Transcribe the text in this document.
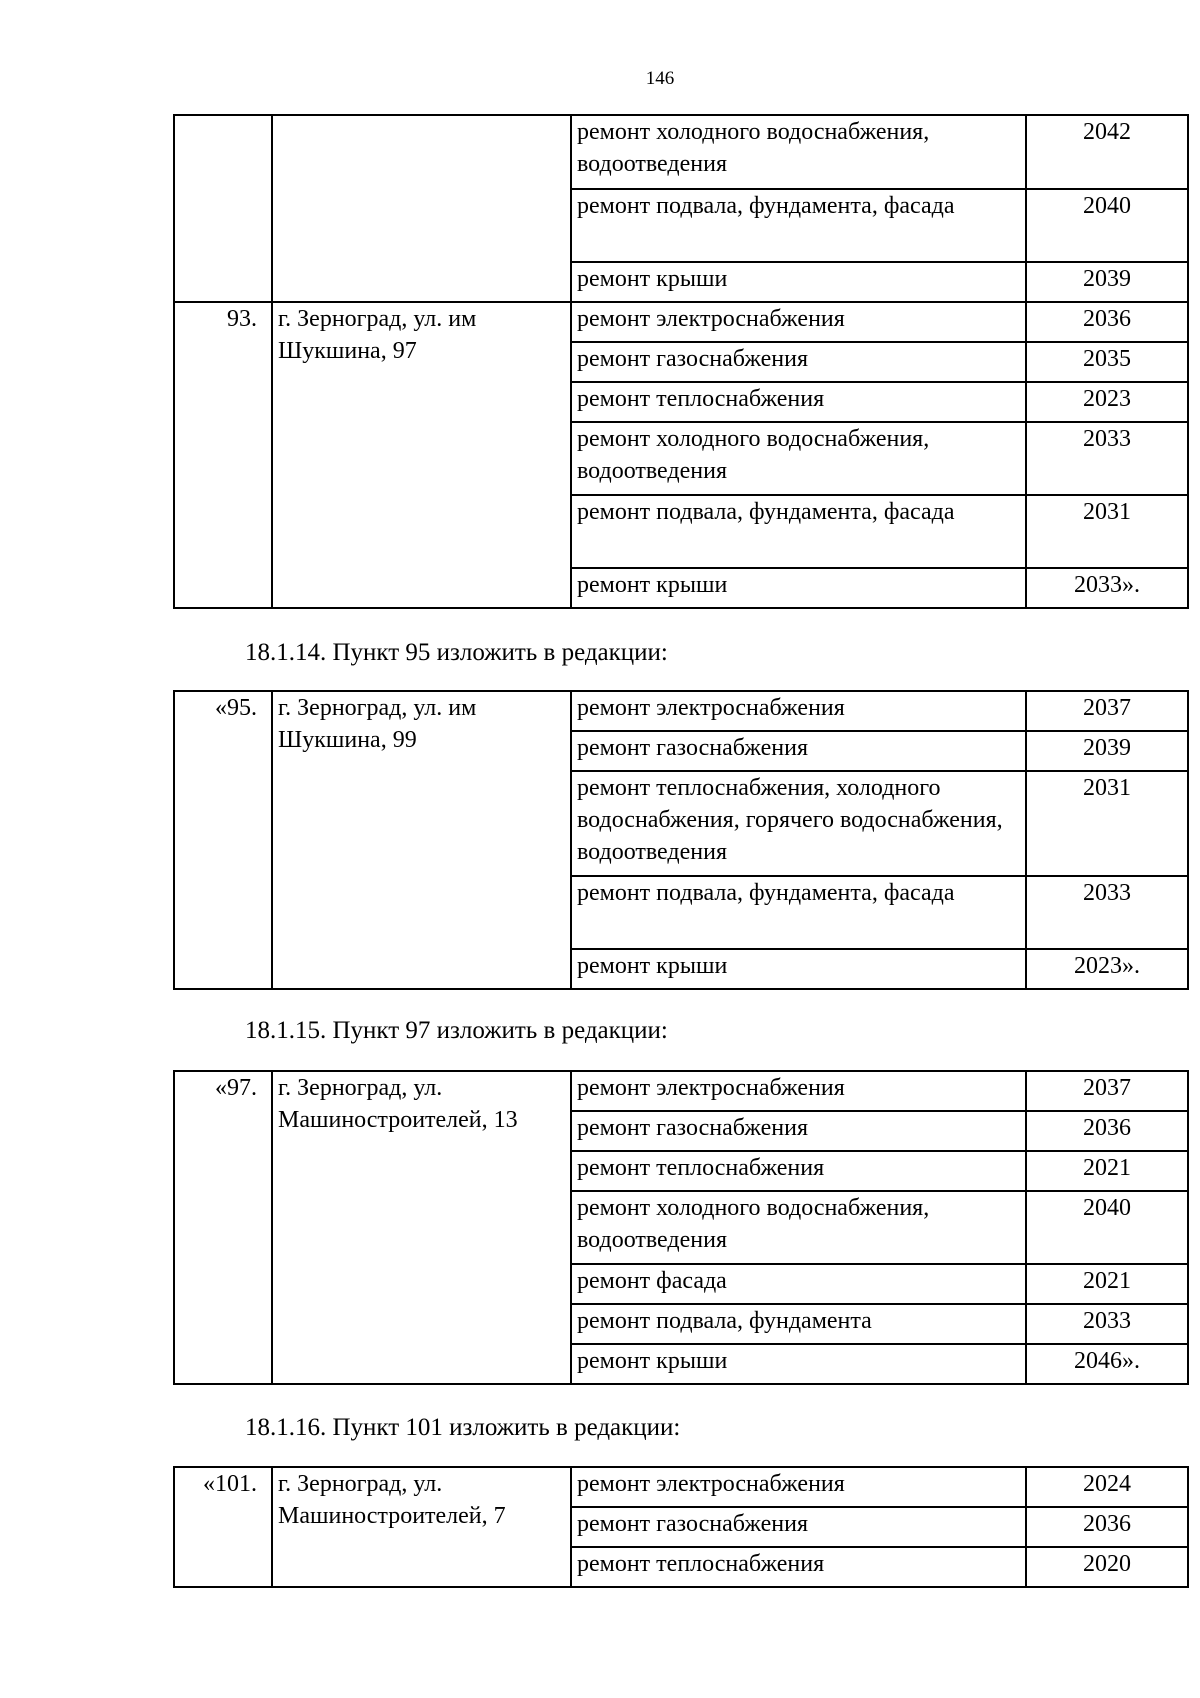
146
		ремонт холодного водоснабжения, водоотведения	2042
		ремонт подвала, фундамента, фасада	2040
		ремонт крыши	2039
93.	г. Зерноград, ул. им Шукшина, 97	ремонт электроснабжения	2036
		ремонт газоснабжения	2035
		ремонт теплоснабжения	2023
		ремонт холодного водоснабжения, водоотведения	2033
		ремонт подвала, фундамента, фасада	2031
		ремонт крыши	2033».
18.1.14. Пункт 95 изложить в редакции:
«95.	г. Зерноград, ул. им Шукшина, 99	ремонт электроснабжения	2037
		ремонт газоснабжения	2039
		ремонт теплоснабжения, холодного водоснабжения, горячего водоснабжения, водоотведения	2031
		ремонт подвала, фундамента, фасада	2033
		ремонт крыши	2023».
18.1.15. Пункт 97 изложить в редакции:
«97.	г. Зерноград, ул. Машиностроителей, 13	ремонт электроснабжения	2037
		ремонт газоснабжения	2036
		ремонт теплоснабжения	2021
		ремонт холодного водоснабжения, водоотведения	2040
		ремонт фасада	2021
		ремонт подвала, фундамента	2033
		ремонт крыши	2046».
18.1.16. Пункт 101 изложить в редакции:
«101.	г. Зерноград, ул. Машиностроителей, 7	ремонт электроснабжения	2024
		ремонт газоснабжения	2036
		ремонт теплоснабжения	2020
